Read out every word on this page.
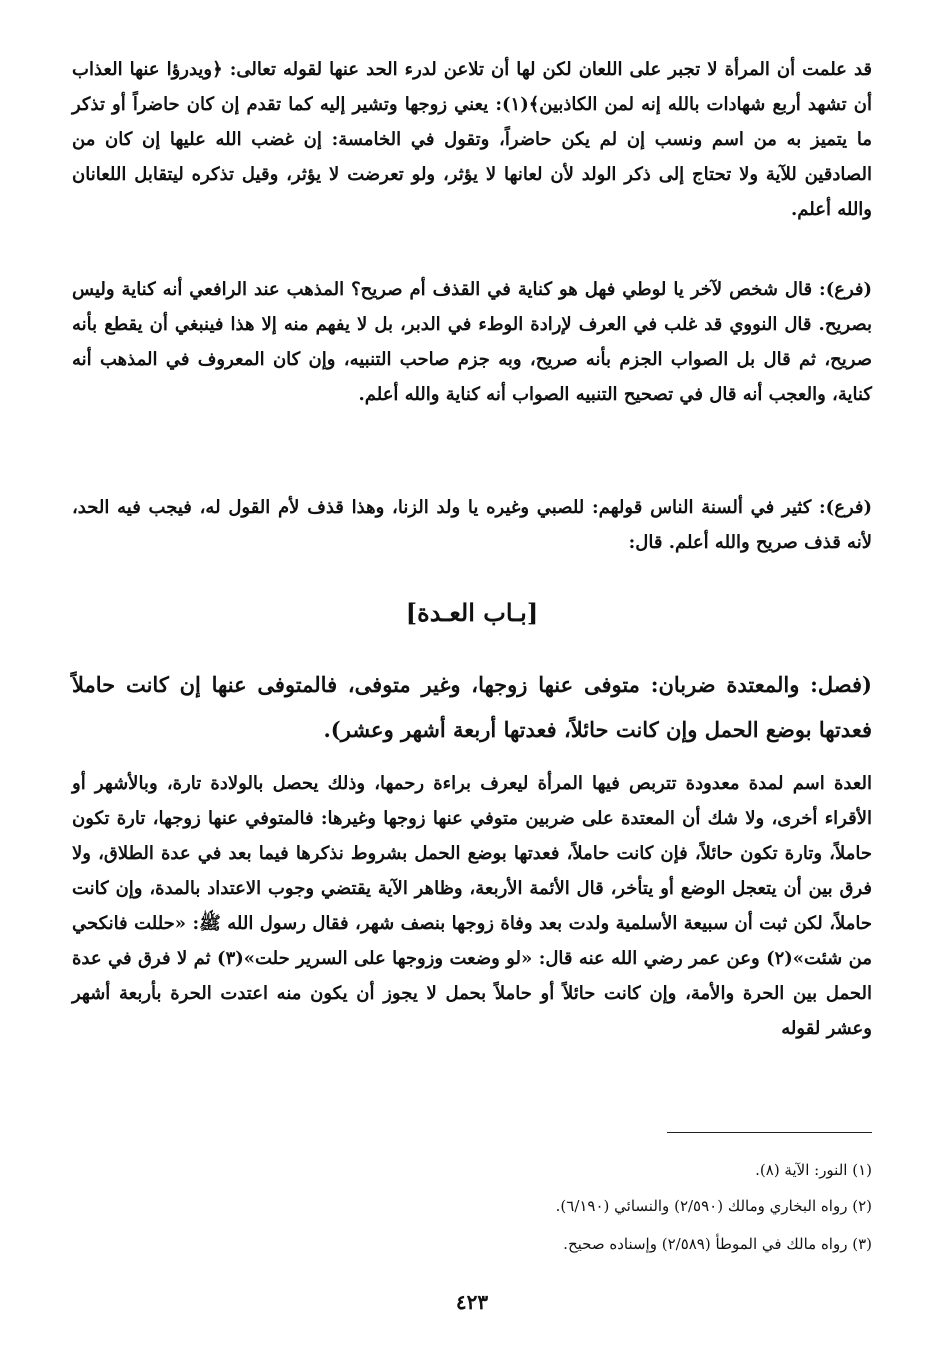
قد علمت أن المرأة لا تجبر على اللعان لكن لها أن تلاعن لدرء الحد عنها لقوله تعالى: ﴿ويدرؤا عنها العذاب أن تشهد أربع شهادات بالله إنه لمن الكاذبين﴾(١): يعني زوجها وتشير إليه كما تقدم إن كان حاضراً أو تذكر ما يتميز به من اسم ونسب إن لم يكن حاضراً، وتقول في الخامسة: إن غضب الله عليها إن كان من الصادقين للآية ولا تحتاج إلى ذكر الولد لأن لعانها لا يؤثر، ولو تعرضت لا يؤثر، وقيل تذكره ليتقابل اللعانان والله أعلم.

(فرع): قال شخص لآخر يا لوطي فهل هو كناية في القذف أم صريح؟ المذهب عند الرافعي أنه كناية وليس بصريح. قال النووي قد غلب في العرف لإرادة الوطء في الدبر، بل لا يفهم منه إلا هذا فينبغي أن يقطع بأنه صريح، ثم قال بل الصواب الجزم بأنه صريح، وبه جزم صاحب التنبيه، وإن كان المعروف في المذهب أنه كناية، والعجب أنه قال في تصحيح التنبيه الصواب أنه كناية والله أعلم.

(فرع): كثير في ألسنة الناس قولهم: للصبي وغيره يا ولد الزنا، وهذا قذف لأم القول له، فيجب فيه الحد، لأنه قذف صريح والله أعلم. قال:

[بـاب العـدة]

(فصل: والمعتدة ضربان: متوفى عنها زوجها، وغير متوفى، فالمتوفى عنها إن كانت حاملاً فعدتها بوضع الحمل وإن كانت حائلاً، فعدتها أربعة أشهر وعشر).

العدة اسم لمدة معدودة تتربص فيها المرأة ليعرف براءة رحمها، وذلك يحصل بالولادة تارة، وبالأشهر أو الأقراء أخرى، ولا شك أن المعتدة على ضربين متوفي عنها زوجها وغيرها: فالمتوفي عنها زوجها، تارة تكون حاملاً، وتارة تكون حائلاً، فإن كانت حاملاً، فعدتها بوضع الحمل بشروط نذكرها فيما بعد في عدة الطلاق، ولا فرق بين أن يتعجل الوضع أو يتأخر، قال الأئمة الأربعة، وظاهر الآية يقتضي وجوب الاعتداد بالمدة، وإن كانت حاملاً، لكن ثبت أن سبيعة الأسلمية ولدت بعد وفاة زوجها بنصف شهر، فقال رسول الله ﷺ: «حللت فانكحي من شئت»(٢) وعن عمر رضي الله عنه قال: «لو وضعت وزوجها على السرير حلت»(٣) ثم لا فرق في عدة الحمل بين الحرة والأمة، وإن كانت حائلاً أو حاملاً بحمل لا يجوز أن يكون منه اعتدت الحرة بأربعة أشهر وعشر لقوله

(١) النور: الآية (٨).

(٢) رواه البخاري ومالك (٢/٥٩٠) والنسائي (٦/١٩٠).

(٣) رواه مالك في الموطأ (٢/٥٨٩) وإسناده صحيح.

٤٢٣
